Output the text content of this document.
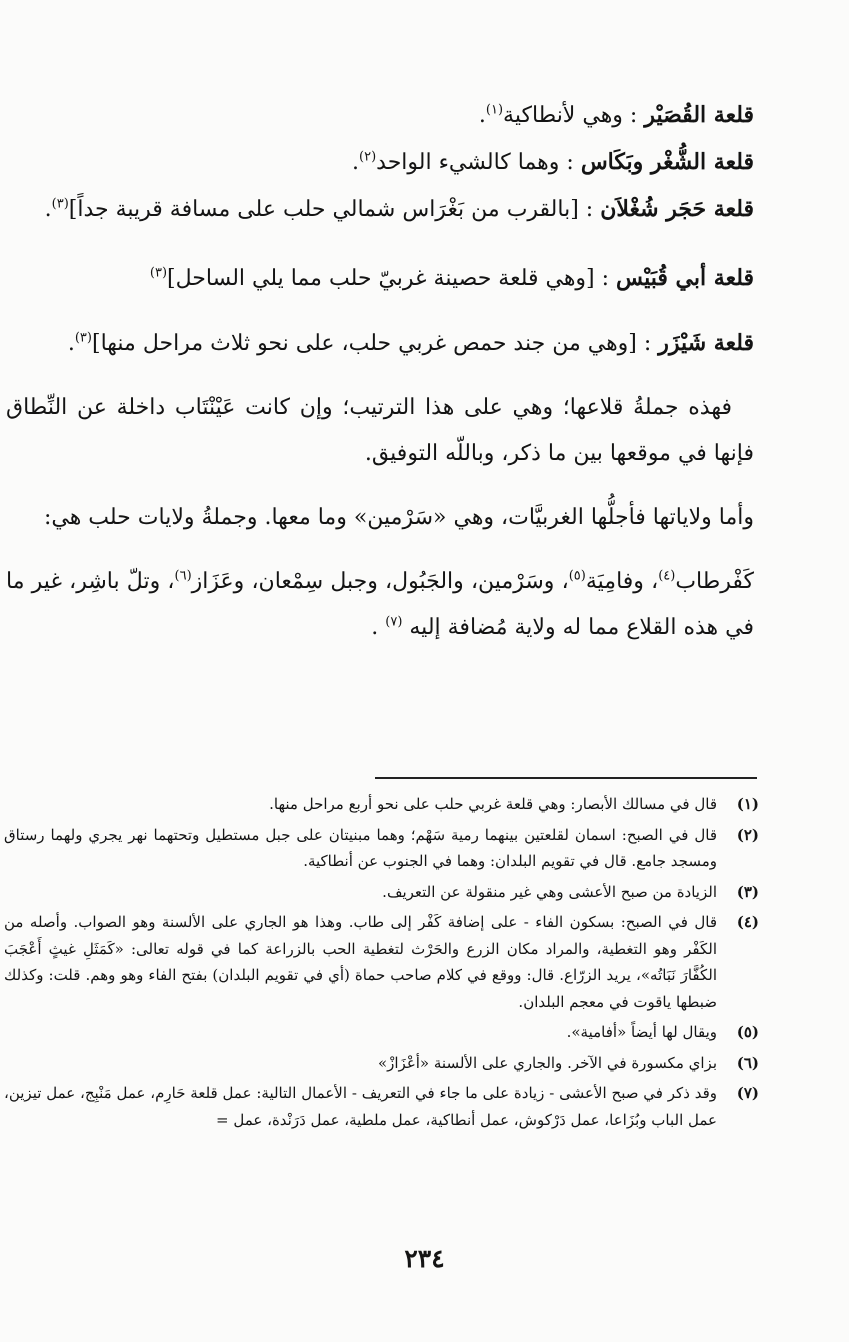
قلعة القُصَيْر : وهي لأنطاكية$^{(١)}$.

قلعة الشُّغْر وبَكَاس : وهما كالشيء الواحد$^{(٢)}$.

قلعة حَجَر شُغْلاَن : [بالقرب من بَغْرَاس شمالي حلب على مسافة قريبة جداً]$^{(٣)}$.

قلعة أبي قُبَيْس : [وهي قلعة حصينة غربيّ حلب مما يلي الساحل]$^{(٣)}$

قلعة شَيْزَر : [وهي من جند حمص غربي حلب، على نحو ثلاث مراحل منها]$^{(٣)}$.

فهذه جملةُ قلاعها؛ وهي على هذا الترتيب؛ وإن كانت عَيْنْتَاب داخلة عن النِّطاق فإنها في موقعها بين ما ذكر، وباللّه التوفيق.

وأما ولاياتها فأجلُّها الغربيَّات، وهي «سَرْمين» وما معها. وجملةُ ولايات حلب هي:

كَفْرطاب$^{(٤)}$، وفامِيَة$^{(٥)}$، وسَرْمين، والجَبُول، وجبل سِمْعان، وعَزَاز$^{(٦)}$، وتلّ باشِر، غير ما في هذه القلاع مما له ولاية مُضافة إليه $^{(٧)}$ .

(١)
قال في مسالك الأبصار: وهي قلعة غربي حلب على نحو أربع مراحل منها.
(٢)
قال في الصبح: اسمان لقلعتين بينهما رمية سَهْم؛ وهما مبنيتان على جبل مستطيل وتحتهما نهر يجري ولهما رستاق ومسجد جامع. قال في تقويم البلدان: وهما في الجنوب عن أنطاكية.
(٣)
الزيادة من صبح الأعشى وهي غير منقولة عن التعريف.
(٤)
قال في الصبح: بسكون الفاء - على إضافة كَفْر إلى طاب. وهذا هو الجاري على الألسنة وهو الصواب. وأصله من الكَفْر وهو التغطية، والمراد مكان الزرع والحَرْث لتغطية الحب بالزراعة كما في قوله تعالى: «كَمَثَلِ غيثٍ أَعْجَبَ الكُفَّارَ نَبَاتُه»، يريد الزرّاع. قال: ووقع في كلام صاحب حماة (أي في تقويم البلدان) بفتح الفاء وهو وهم. قلت: وكذلك ضبطها ياقوت في معجم البلدان.
(٥)
ويقال لها أيضاً «أفامية».
(٦)
بزاي مكسورة في الآخر. والجاري على الألسنة «أعْزَازْ»
(٧)
وقد ذكر في صبح الأعشى - زيادة على ما جاء في التعريف - الأعمال التالية: عمل قلعة حَارِم، عمل مَنْبِج، عمل تيزين، عمل الباب وبُزَاعا، عمل دَرْكوش، عمل أنطاكية، عمل ملطية، عمل دَرَنْدة، عمل =
٢٣٤
